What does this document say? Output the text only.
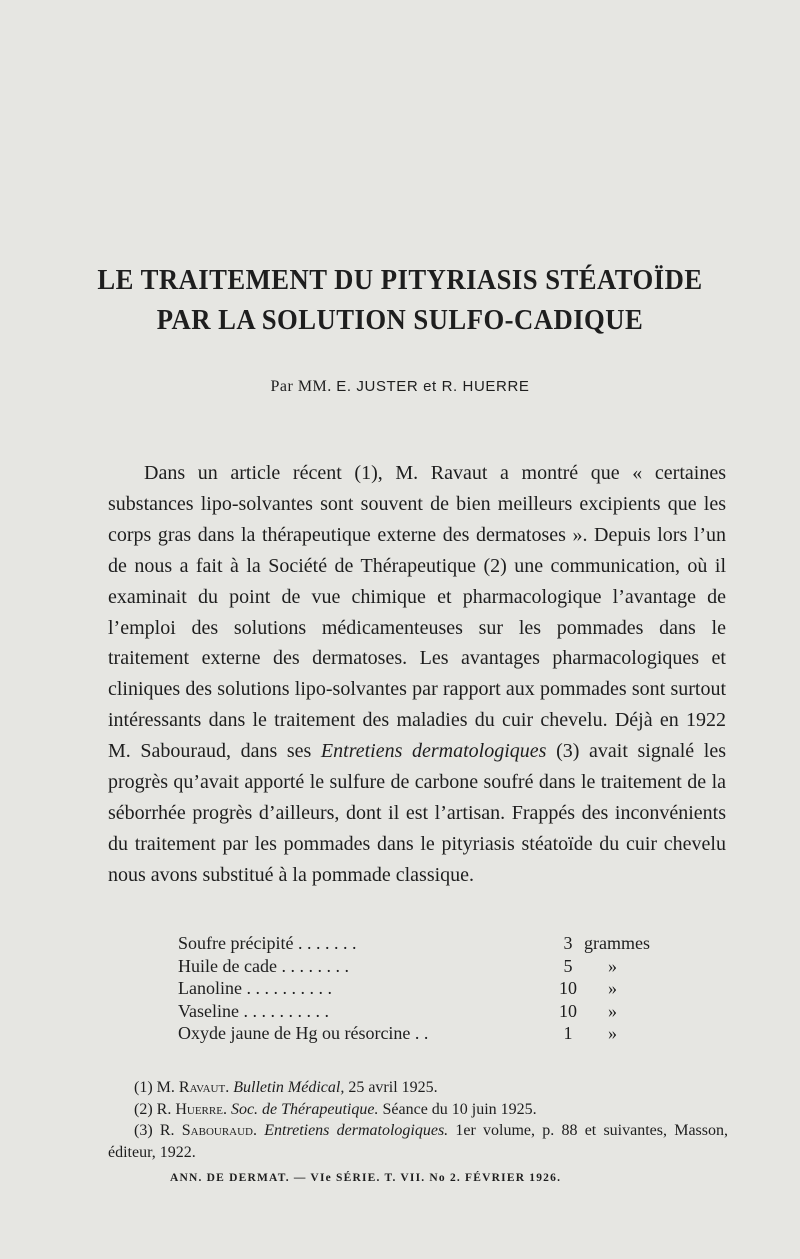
LE TRAITEMENT DU PITYRIASIS STÉATOÏDE
PAR LA SOLUTION SULFO-CADIQUE
Par MM. E. JUSTER et R. HUERRE

Dans un article récent (1), M. Ravaut a montré que « certaines substances lipo-solvantes sont souvent de bien meilleurs excipients que les corps gras dans la thérapeutique externe des dermatoses ». Depuis lors l’un de nous a fait à la Société de Thérapeutique (2) une communication, où il examinait du point de vue chimique et pharmacologique l’avantage de l’emploi des solutions médicamenteuses sur les pommades dans le traitement externe des dermatoses. Les avantages pharmacologiques et cliniques des solutions lipo-solvantes par rapport aux pommades sont surtout intéressants dans le traitement des maladies du cuir chevelu. Déjà en 1922 M. Sabouraud, dans ses Entretiens dermatologiques (3) avait signalé les progrès qu’avait apporté le sulfure de carbone soufré dans le traitement de la séborrhée progrès d’ailleurs, dont il est l’artisan. Frappés des inconvénients du traitement par les pommades dans le pityriasis stéatoïde du cuir chevelu nous avons substitué à la pommade classique.

Soufre précipité . . . . . . .	3 grammes
Huile de cade . . . . . . . .	5	»
Lanoline . . . . . . . . . .	10 »
Vaseline . . . . . . . . . .	10 »
Oxyde jaune de Hg ou résorcine . .	1	»

(1) M. Ravaut. Bulletin Médical, 25 avril 1925.

(2) R. Huerre. Soc. de Thérapeutique. Séance du 10 juin 1925.

(3) R. Sabouraud. Entretiens dermatologiques. 1er volume, p. 88 et suivantes, Masson, éditeur, 1922.

ANN. DE DERMAT. — VIe SÉRIE. T. VII. No 2. FÉVRIER 1926.
